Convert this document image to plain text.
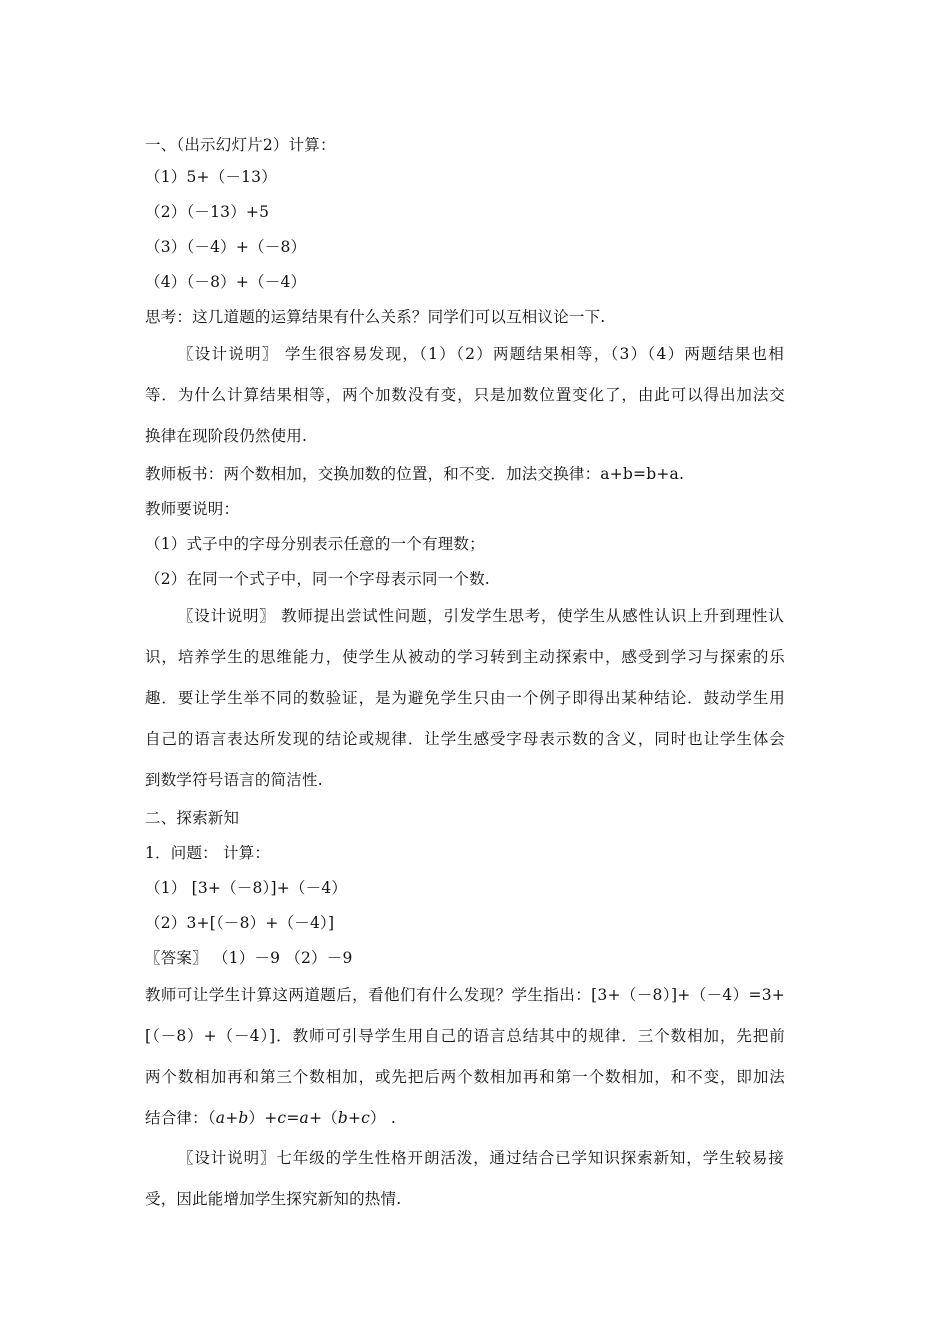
一、（出示幻灯片2）计算：
（1）5+（－13）
（2）（－13）+5
（3）（－4）+（－8）
（4）（－8）+（－4）
思考：这几道题的运算结果有什么关系？同学们可以互相议论一下.
〖设计说明〗 学生很容易发现，（1）（2）两题结果相等，（3）（4）两题结果也相
等．为什么计算结果相等，两个加数没有变，只是加数位置变化了，由此可以得出加法交
换律在现阶段仍然使用.
教师板书：两个数相加，交换加数的位置，和不变．加法交换律：a+b=b+a.
教师要说明：
（1）式子中的字母分别表示任意的一个有理数；
（2）在同一个式子中，同一个字母表示同一个数.
〖设计说明〗 教师提出尝试性问题，引发学生思考，使学生从感性认识上升到理性认
识，培养学生的思维能力，使学生从被动的学习转到主动探索中，感受到学习与探索的乐
趣．要让学生举不同的数验证，是为避免学生只由一个例子即得出某种结论．鼓动学生用
自己的语言表达所发现的结论或规律．让学生感受字母表示数的含义，同时也让学生体会
到数学符号语言的简洁性.
二、探索新知
1．问题： 计算：
（1） [3+（－8）]+（－4）
（2）3+[（－8）+（－4）]
〖答案〗 （1）－9 （2）－9
教师可让学生计算这两道题后，看他们有什么发现？学生指出：[3+（－8）]+（－4）=3+
[（－8）+（－4）]．教师可引导学生用自己的语言总结其中的规律．三个数相加，先把前
两个数相加再和第三个数相加，或先把后两个数相加再和第一个数相加，和不变，即加法
结合律：（a+b）+c=a+（b+c） .
〖设计说明〗七年级的学生性格开朗活泼，通过结合已学知识探索新知，学生较易接
受，因此能增加学生探究新知的热情.
